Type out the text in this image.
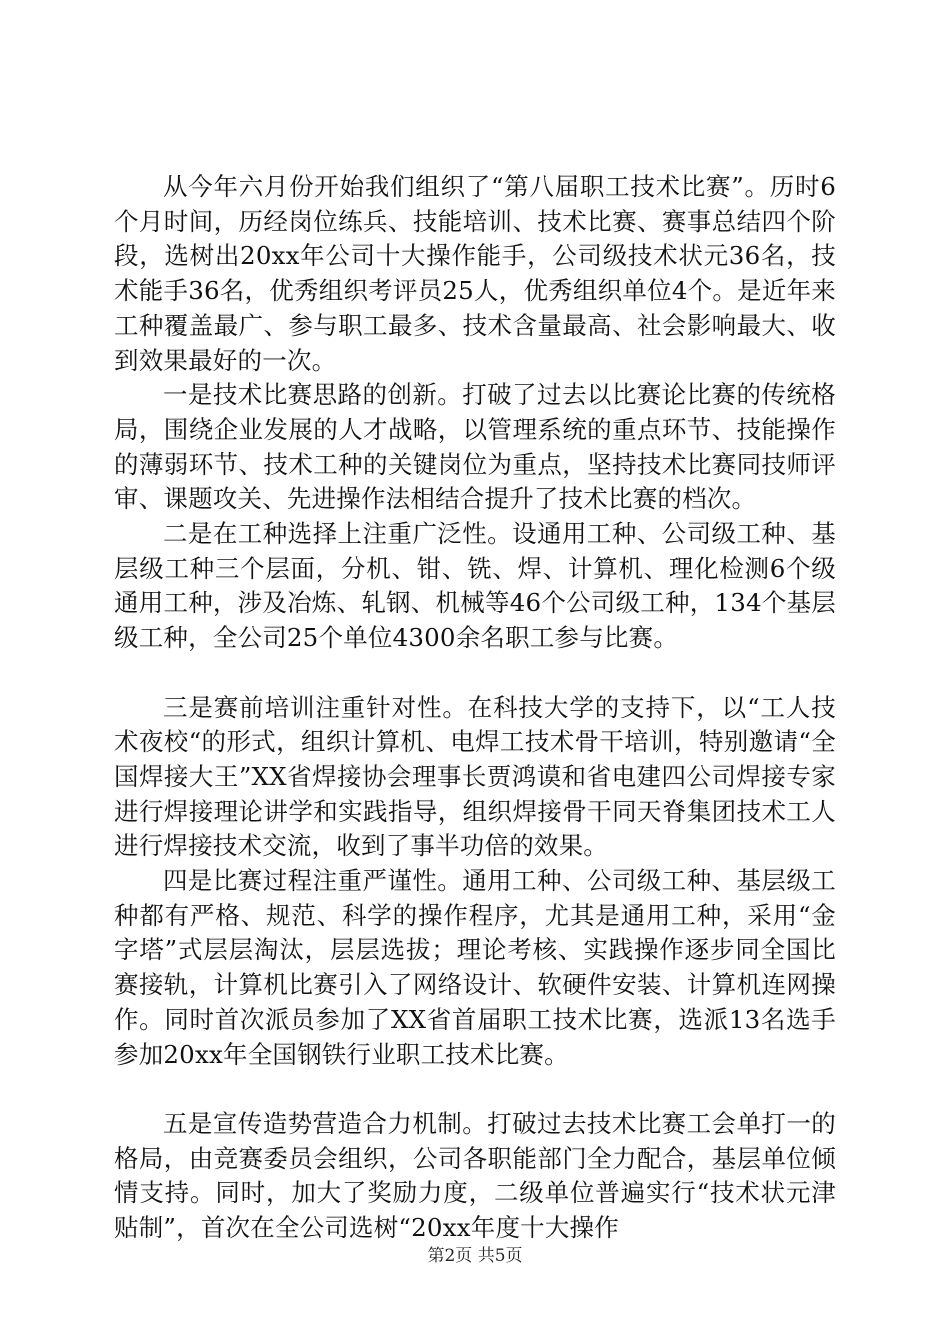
从今年六月份开始我们组织了“第八届职工技术比赛”。历时6个月时间，历经岗位练兵、技能培训、技术比赛、赛事总结四个阶段，选树出20xx年公司十大操作能手，公司级技术状元36名，技术能手36名，优秀组织考评员25人，优秀组织单位4个。是近年来工种覆盖最广、参与职工最多、技术含量最高、社会影响最大、收到效果最好的一次。

一是技术比赛思路的创新。打破了过去以比赛论比赛的传统格局，围绕企业发展的人才战略，以管理系统的重点环节、技能操作的薄弱环节、技术工种的关键岗位为重点，坚持技术比赛同技师评审、课题攻关、先进操作法相结合提升了技术比赛的档次。

二是在工种选择上注重广泛性。设通用工种、公司级工种、基层级工种三个层面，分机、钳、铣、焊、计算机、理化检测6个级通用工种，涉及冶炼、轧钢、机械等46个公司级工种，134个基层级工种，全公司25个单位4300余名职工参与比赛。

三是赛前培训注重针对性。在科技大学的支持下，以“工人技术夜校“的形式，组织计算机、电焊工技术骨干培训，特别邀请“全国焊接大王”XX省焊接协会理事长贾鸿谟和省电建四公司焊接专家进行焊接理论讲学和实践指导，组织焊接骨干同天脊集团技术工人进行焊接技术交流，收到了事半功倍的效果。

四是比赛过程注重严谨性。通用工种、公司级工种、基层级工种都有严格、规范、科学的操作程序，尤其是通用工种，采用“金字塔”式层层淘汰，层层选拔；理论考核、实践操作逐步同全国比赛接轨，计算机比赛引入了网络设计、软硬件安装、计算机连网操作。同时首次派员参加了XX省首届职工技术比赛，选派13名选手参加20xx年全国钢铁行业职工技术比赛。

五是宣传造势营造合力机制。打破过去技术比赛工会单打一的格局，由竞赛委员会组织，公司各职能部门全力配合，基层单位倾情支持。同时，加大了奖励力度，二级单位普遍实行“技术状元津贴制”，首次在全公司选树“20xx年度十大操作

第2页 共5页
